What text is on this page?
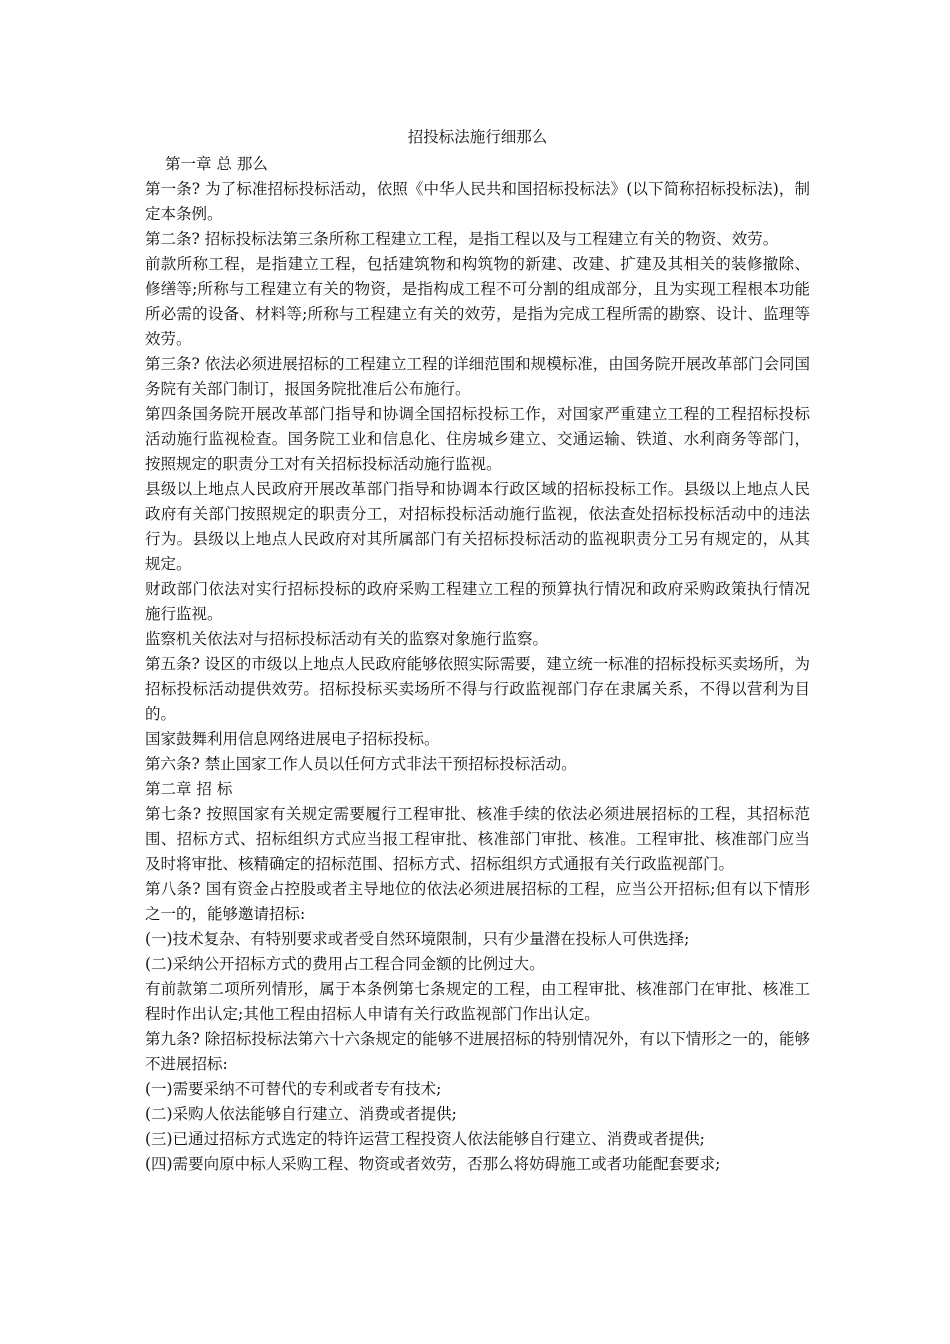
招投标法施行细那么

第一章 总 那么

第一条? 为了标准招标投标活动，依照《中华人民共和国招标投标法》(以下简称招标投标法)，制定本条例。

第二条? 招标投标法第三条所称工程建立工程，是指工程以及与工程建立有关的物资、效劳。

前款所称工程，是指建立工程，包括建筑物和构筑物的新建、改建、扩建及其相关的装修撤除、修缮等;所称与工程建立有关的物资，是指构成工程不可分割的组成部分，且为实现工程根本功能所必需的设备、材料等;所称与工程建立有关的效劳，是指为完成工程所需的勘察、设计、监理等效劳。

第三条? 依法必须进展招标的工程建立工程的详细范围和规模标准，由国务院开展改革部门会同国务院有关部门制订，报国务院批准后公布施行。

第四条国务院开展改革部门指导和协调全国招标投标工作，对国家严重建立工程的工程招标投标活动施行监视检查。国务院工业和信息化、住房城乡建立、交通运输、铁道、水利商务等部门，按照规定的职责分工对有关招标投标活动施行监视。

县级以上地点人民政府开展改革部门指导和协调本行政区域的招标投标工作。县级以上地点人民政府有关部门按照规定的职责分工，对招标投标活动施行监视，依法查处招标投标活动中的违法行为。县级以上地点人民政府对其所属部门有关招标投标活动的监视职责分工另有规定的，从其规定。

财政部门依法对实行招标投标的政府采购工程建立工程的预算执行情况和政府采购政策执行情况施行监视。

监察机关依法对与招标投标活动有关的监察对象施行监察。

第五条? 设区的市级以上地点人民政府能够依照实际需要，建立统一标准的招标投标买卖场所，为招标投标活动提供效劳。招标投标买卖场所不得与行政监视部门存在隶属关系，不得以营利为目的。

国家鼓舞利用信息网络进展电子招标投标。

第六条? 禁止国家工作人员以任何方式非法干预招标投标活动。

第二章 招 标

第七条? 按照国家有关规定需要履行工程审批、核准手续的依法必须进展招标的工程，其招标范围、招标方式、招标组织方式应当报工程审批、核准部门审批、核准。工程审批、核准部门应当及时将审批、核精确定的招标范围、招标方式、招标组织方式通报有关行政监视部门。

第八条? 国有资金占控股或者主导地位的依法必须进展招标的工程，应当公开招标;但有以下情形之一的，能够邀请招标:

(一)技术复杂、有特别要求或者受自然环境限制，只有少量潜在投标人可供选择;

(二)采纳公开招标方式的费用占工程合同金额的比例过大。

有前款第二项所列情形，属于本条例第七条规定的工程，由工程审批、核准部门在审批、核准工程时作出认定;其他工程由招标人申请有关行政监视部门作出认定。

第九条? 除招标投标法第六十六条规定的能够不进展招标的特别情况外，有以下情形之一的，能够不进展招标:

(一)需要采纳不可替代的专利或者专有技术;

(二)采购人依法能够自行建立、消费或者提供;

(三)已通过招标方式选定的特许运营工程投资人依法能够自行建立、消费或者提供;

(四)需要向原中标人采购工程、物资或者效劳，否那么将妨碍施工或者功能配套要求;
